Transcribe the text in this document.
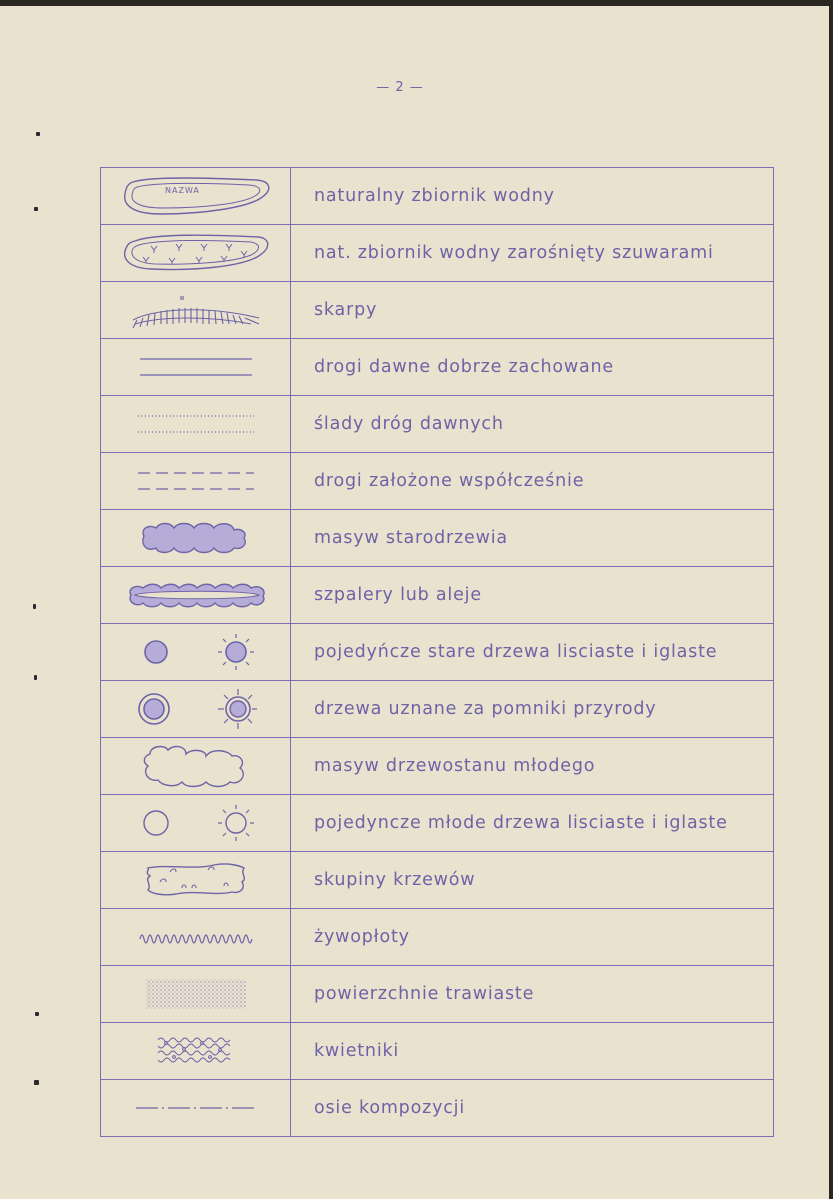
— 2 —
NAZWA	naturalny zbiornik wodny

	nat. zbiornik wodny zarośnięty szuwarami

	skarpy

	drogi dawne dobrze zachowane

	ślady dróg dawnych

	drogi założone współcześnie

	masyw starodrzewia

	szpalery lub aleje

	pojedyńcze stare drzewa lisciaste i iglaste

	drzewa uznane za pomniki przyrody

	masyw drzewostanu młodego

	pojedyncze młode drzewa lisciaste i iglaste

	skupiny krzewów

	żywopłoty

	powierzchnie trawiaste

	kwietniki

	osie kompozycji
